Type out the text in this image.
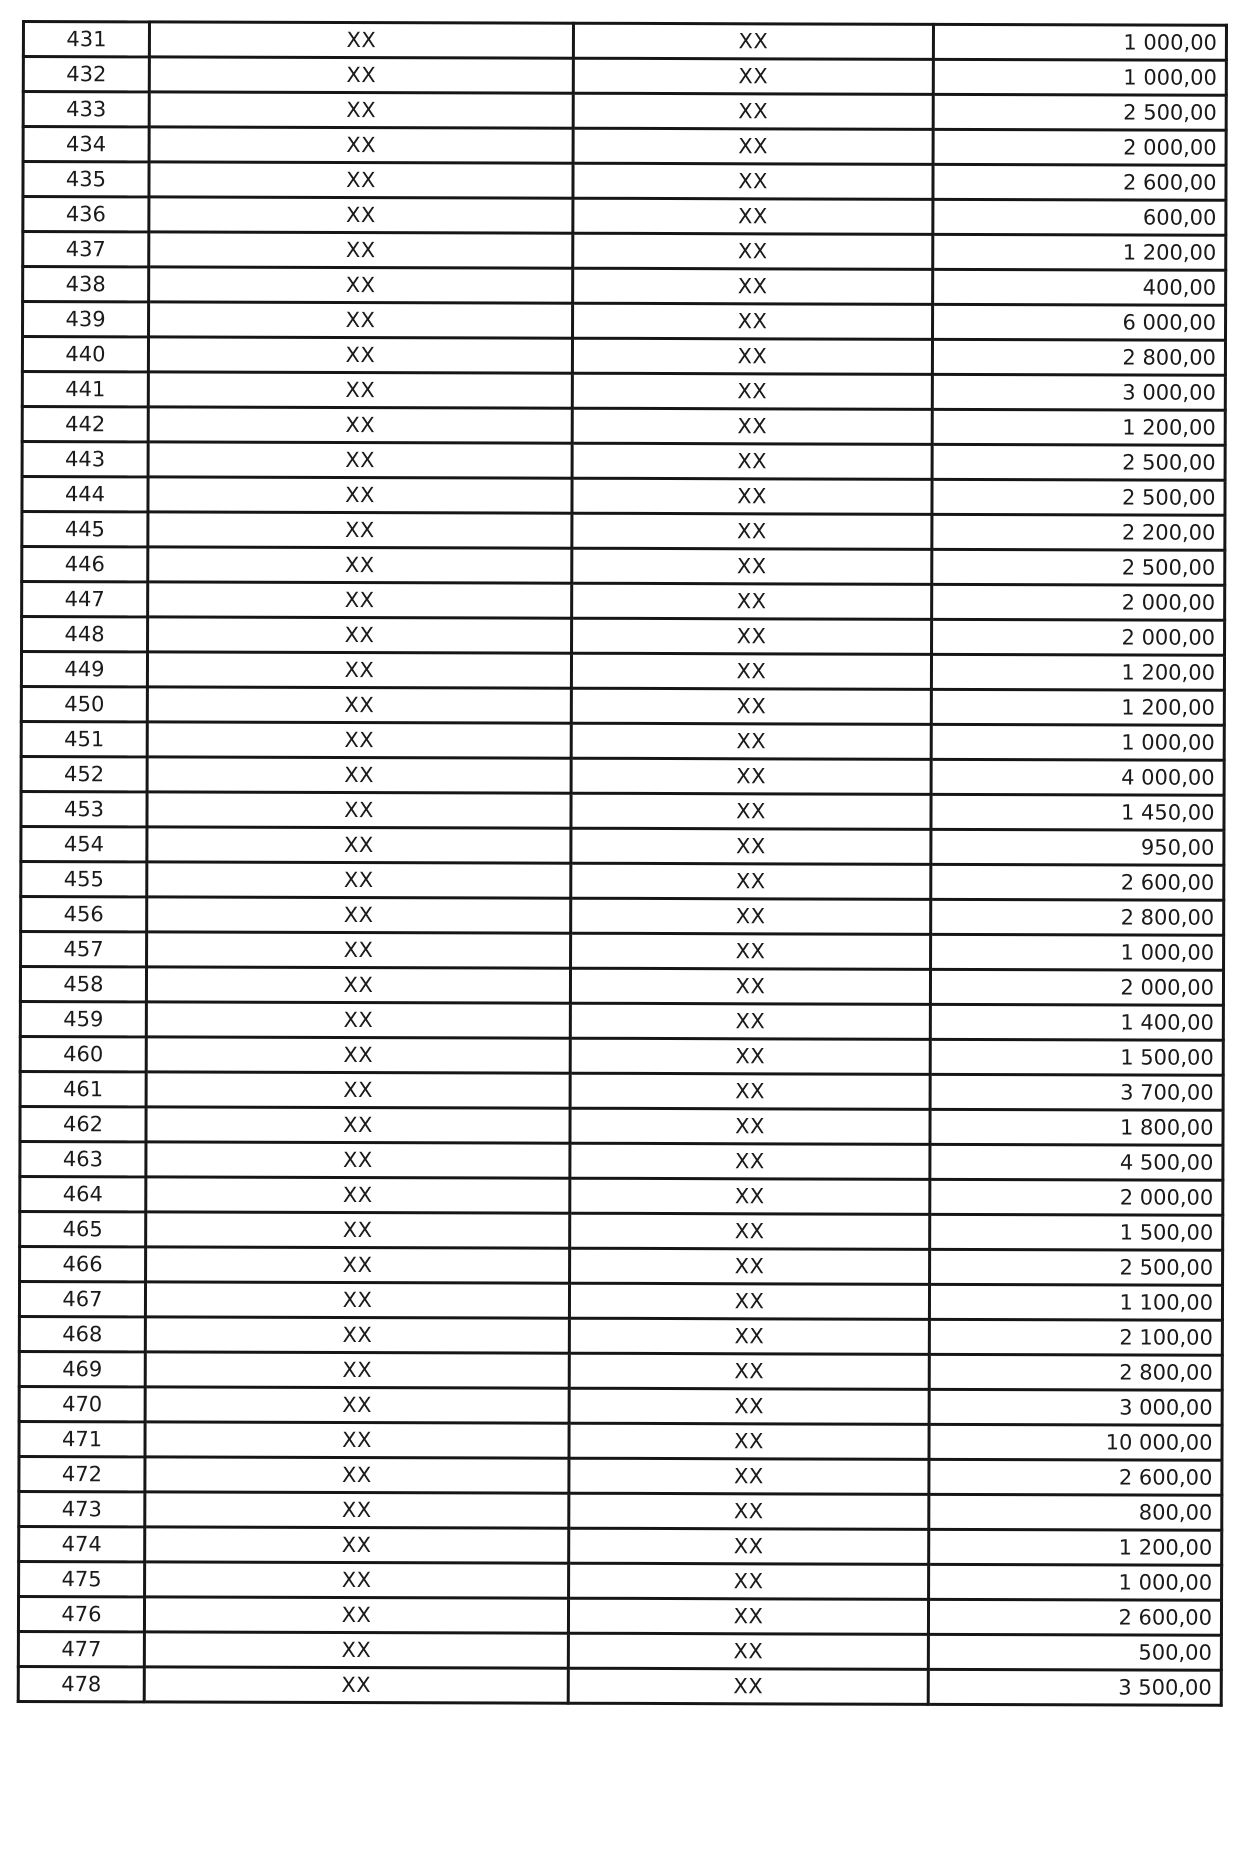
431	XX	XX	1 000,00
432	XX	XX	1 000,00
433	XX	XX	2 500,00
434	XX	XX	2 000,00
435	XX	XX	2 600,00
436	XX	XX	600,00
437	XX	XX	1 200,00
438	XX	XX	400,00
439	XX	XX	6 000,00
440	XX	XX	2 800,00
441	XX	XX	3 000,00
442	XX	XX	1 200,00
443	XX	XX	2 500,00
444	XX	XX	2 500,00
445	XX	XX	2 200,00
446	XX	XX	2 500,00
447	XX	XX	2 000,00
448	XX	XX	2 000,00
449	XX	XX	1 200,00
450	XX	XX	1 200,00
451	XX	XX	1 000,00
452	XX	XX	4 000,00
453	XX	XX	1 450,00
454	XX	XX	950,00
455	XX	XX	2 600,00
456	XX	XX	2 800,00
457	XX	XX	1 000,00
458	XX	XX	2 000,00
459	XX	XX	1 400,00
460	XX	XX	1 500,00
461	XX	XX	3 700,00
462	XX	XX	1 800,00
463	XX	XX	4 500,00
464	XX	XX	2 000,00
465	XX	XX	1 500,00
466	XX	XX	2 500,00
467	XX	XX	1 100,00
468	XX	XX	2 100,00
469	XX	XX	2 800,00
470	XX	XX	3 000,00
471	XX	XX	10 000,00
472	XX	XX	2 600,00
473	XX	XX	800,00
474	XX	XX	1 200,00
475	XX	XX	1 000,00
476	XX	XX	2 600,00
477	XX	XX	500,00
478	XX	XX	3 500,00
